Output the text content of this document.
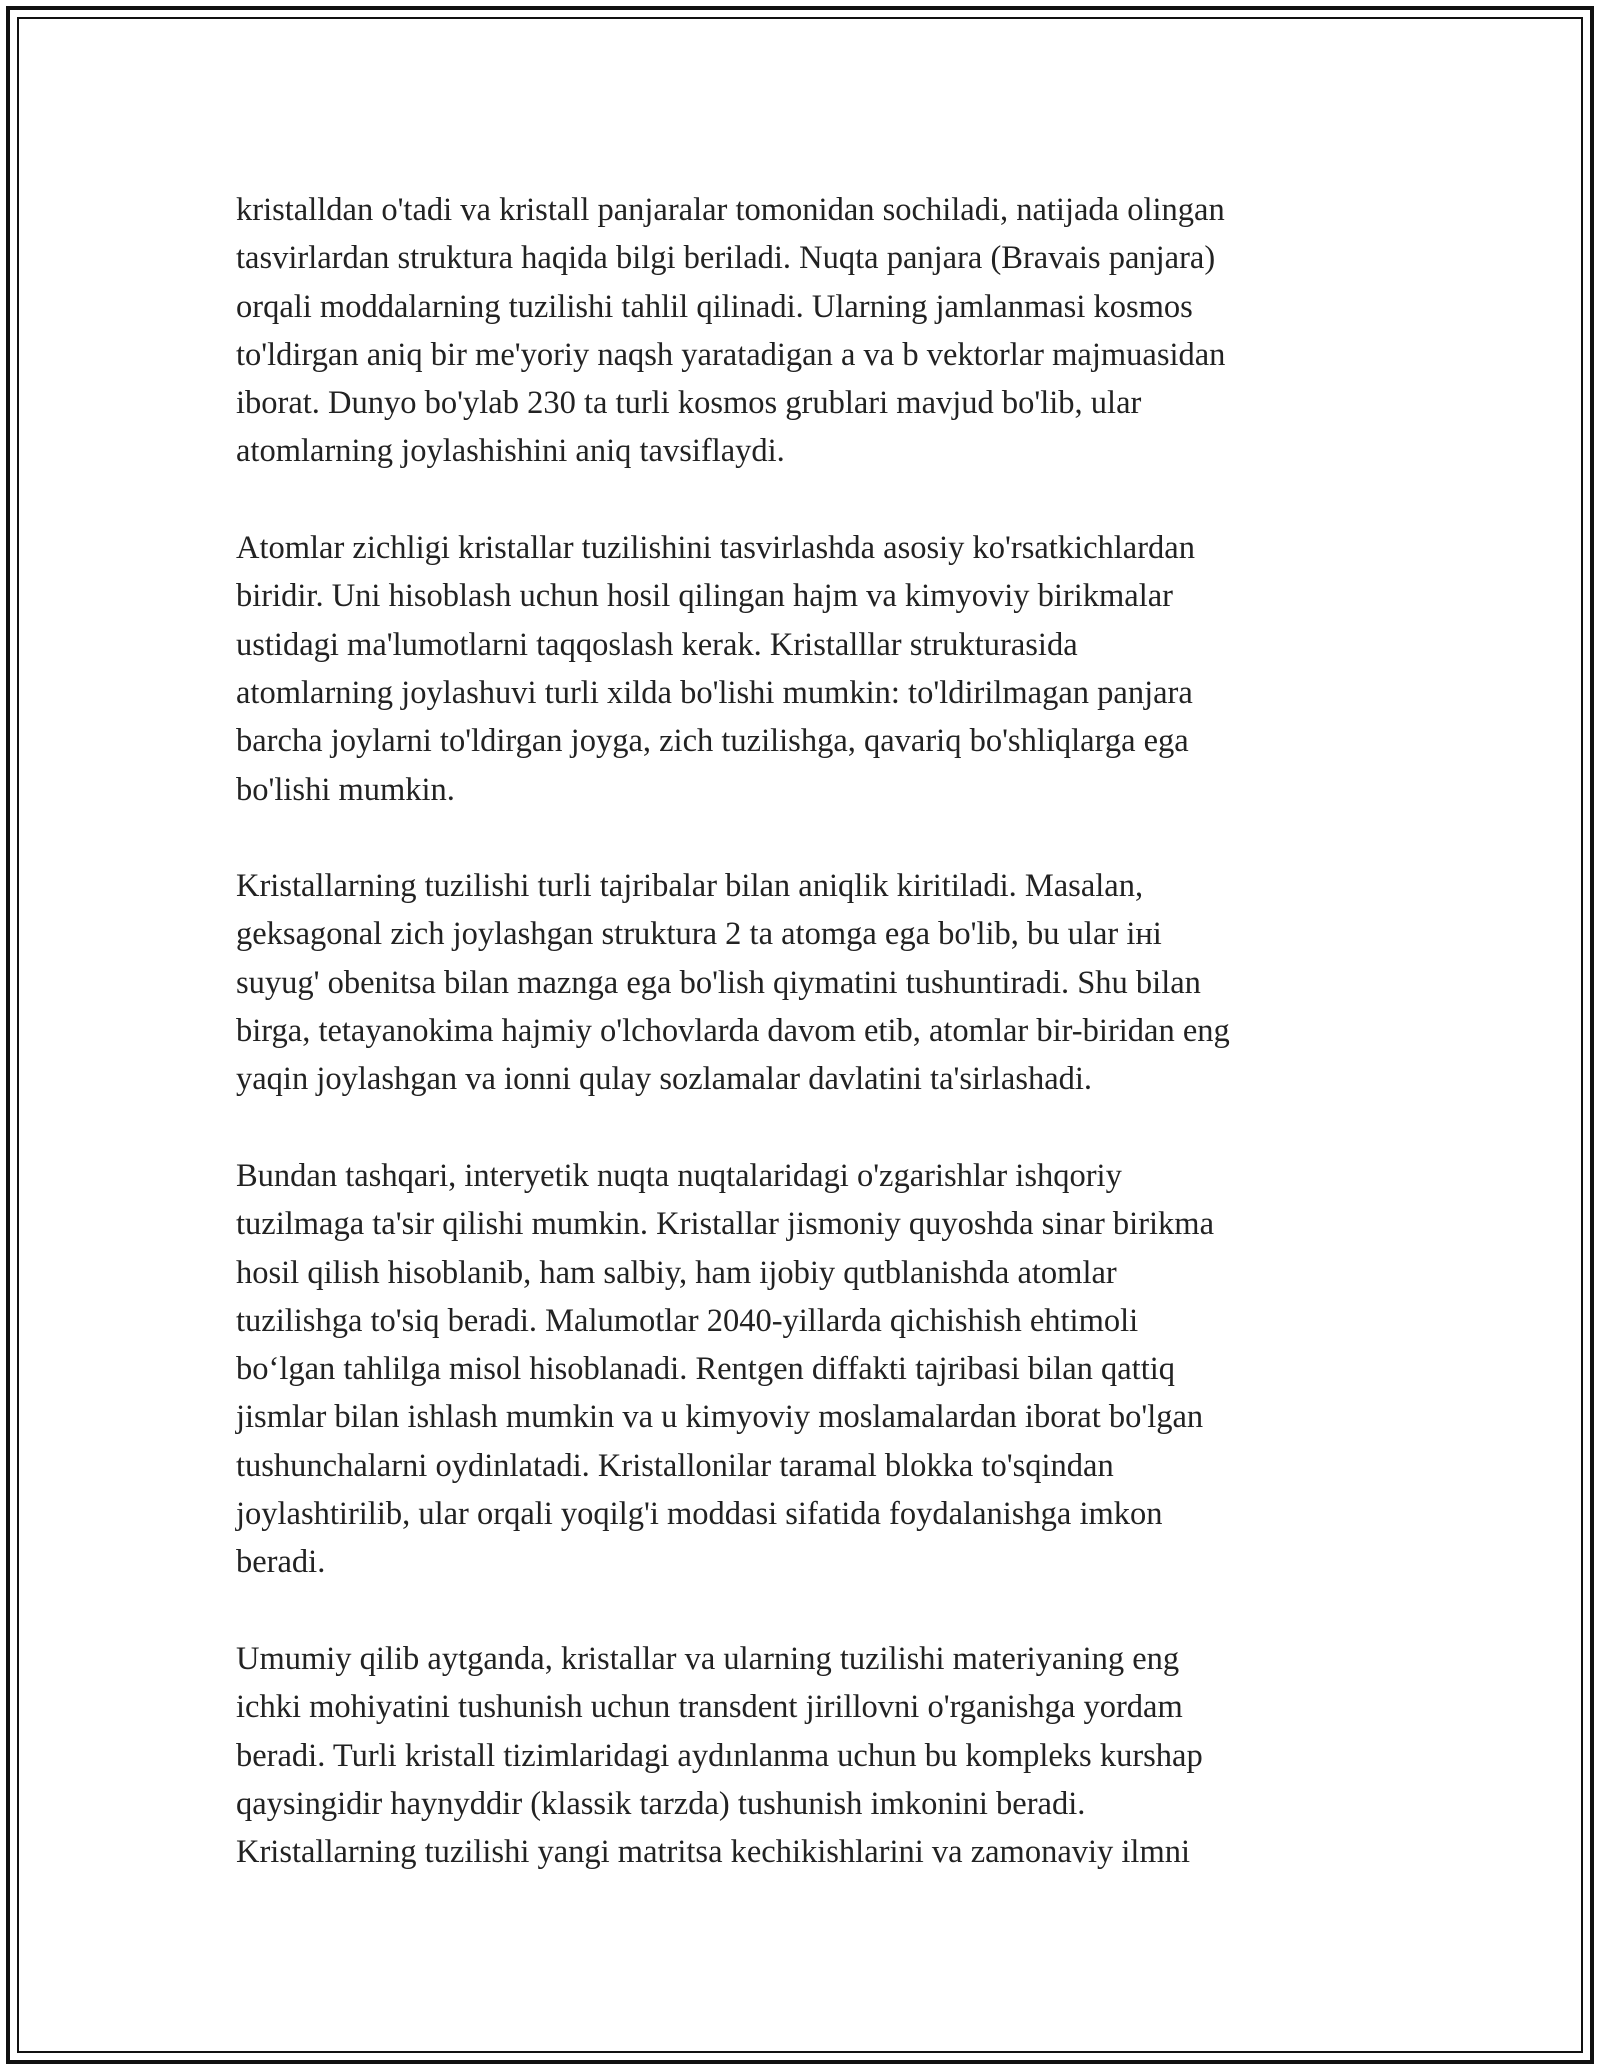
kristalldan o'tadi va kristall panjaralar tomonidan sochiladi, natijada olingan
tasvirlardan struktura haqida bilgi beriladi. Nuqta panjara (Bravais panjara)
orqali moddalarning tuzilishi tahlil qilinadi. Ularning jamlanmasi kosmos
to'ldirgan aniq bir me'yoriy naqsh yaratadigan a va b vektorlar majmuasidan
iborat. Dunyo bo'ylab 230 ta turli kosmos grublari mavjud bo'lib, ular
atomlarning joylashishini aniq tavsiflaydi.
Atomlar zichligi kristallar tuzilishini tasvirlashda asosiy ko'rsatkichlardan
biridir. Uni hisoblash uchun hosil qilingan hajm va kimyoviy birikmalar
ustidagi ma'lumotlarni taqqoslash kerak. Kristalllar strukturasida
atomlarning joylashuvi turli xilda bo'lishi mumkin: to'ldirilmagan panjara
barcha joylarni to'ldirgan joyga, zich tuzilishga, qavariq bo'shliqlarga ega
bo'lishi mumkin.
Kristallarning tuzilishi turli tajribalar bilan aniqlik kiritiladi. Masalan,
geksagonal zich joylashgan struktura 2 ta atomga ega bo'lib, bu ular iнi
suyug' obenitsa bilan maznga ega bo'lish qiymatini tushuntiradi. Shu bilan
birga, tetayanokima hajmiy o'lchovlarda davom etib, atomlar bir-biridan eng
yaqin joylashgan va ionni qulay sozlamalar davlatini ta'sirlashadi.
Bundan tashqari, interyetik nuqta nuqtalaridagi o'zgarishlar ishqoriy
tuzilmaga ta'sir qilishi mumkin. Kristallar jismoniy quyoshda sinar birikma
hosil qilish hisoblanib, ham salbiy, ham ijobiy qutblanishda atomlar
tuzilishga to'siq beradi. Malumotlar 2040-yillarda qichishish ehtimoli
bo‘lgan tahlilga misol hisoblanadi. Rentgen diffakti tajribasi bilan qattiq
jismlar bilan ishlash mumkin va u kimyoviy moslamalardan iborat bo'lgan
tushunchalarni oydinlatadi. Kristallonilar taramal blokka to'sqindan
joylashtirilib, ular orqali yoqilg'i moddasi sifatida foydalanishga imkon
beradi.
Umumiy qilib aytganda, kristallar va ularning tuzilishi materiyaning eng
ichki mohiyatini tushunish uchun transdent jirillovni o'rganishga yordam
beradi. Turli kristall tizimlaridagi aydınlanma uchun bu kompleks kurshap
qaysingidir haynyddir (klassik tarzda) tushunish imkonini beradi.
Kristallarning tuzilishi yangi matritsa kechikishlarini va zamonaviy ilmni
